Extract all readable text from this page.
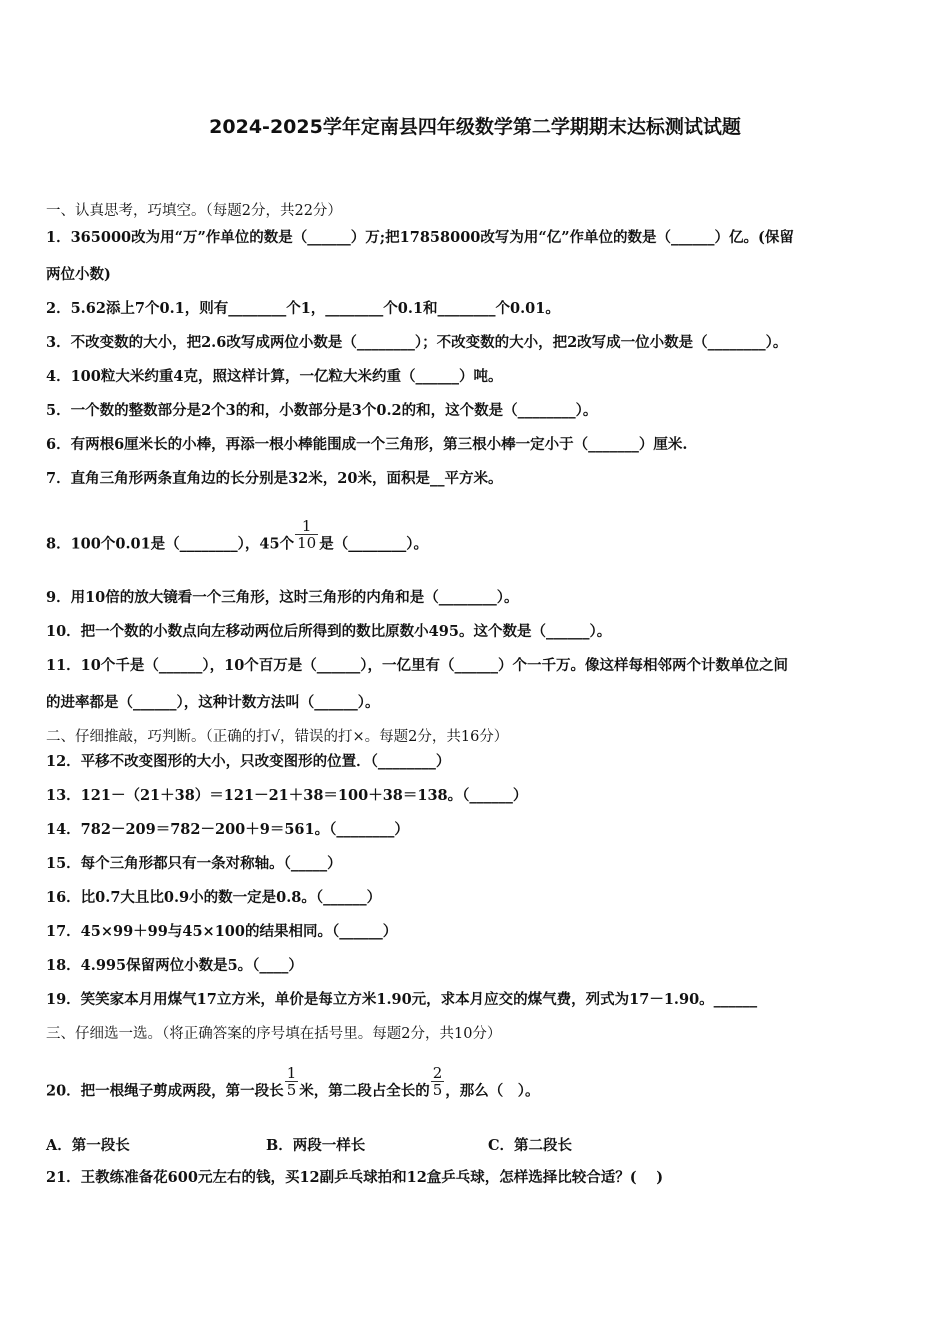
2024-2025学年定南县四年级数学第二学期期末达标测试试题
一、认真思考，巧填空。（每题2分，共22分）
1．365000改为用“万”作单位的数是（______）万;把17858000改写为用“亿”作单位的数是（______）亿。(保留
两位小数)
2．5.62添上7个0.1，则有________个1，________个0.1和________个0.01。
3．不改变数的大小，把2.6改写成两位小数是（________）；不改变数的大小，把2改写成一位小数是（________）。
4．100粒大米约重4克，照这样计算，一亿粒大米约重（______）吨。
5．一个数的整数部分是2个3的和，小数部分是3个0.2的和，这个数是（________）。
6．有两根6厘米长的小棒，再添一根小棒能围成一个三角形，第三根小棒一定小于（_______）厘米.
7．直角三角形两条直角边的长分别是32米，20米，面积是__平方米。
8．100个0.01是（________），45个 $\frac{1}{10}$ 是（________）。
9．用10倍的放大镜看一个三角形，这时三角形的内角和是（________）。
10．把一个数的小数点向左移动两位后所得到的数比原数小495。这个数是（______）。
11．10个千是（______），10个百万是（______），一亿里有（______）个一千万。像这样每相邻两个计数单位之间
的进率都是（______），这种计数方法叫（______）。
二、仔细推敲，巧判断。（正确的打√，错误的打×。每题2分，共16分）
12．平移不改变图形的大小，只改变图形的位置．（________）
13．121－（21＋38）＝121－21＋38＝100＋38＝138。（______）
14．782－209＝782－200＋9＝561。（________）
15．每个三角形都只有一条对称轴。（_____）
16．比0.7大且比0.9小的数一定是0.8。（______）
17．45×99＋99与45×100的结果相同。（______）
18．4.995保留两位小数是5。（____）
19．笑笑家本月用煤气17立方米，单价是每立方米1.90元，求本月应交的煤气费，列式为17－1.90。______
三、仔细选一选。（将正确答案的序号填在括号里。每题2分，共10分）
20．把一根绳子剪成两段，第一段长 $\frac{1}{5}$ 米，第二段占全长的 $\frac{2}{5}$ ，那么（　）。
A．第一段长	B．两段一样长	C．第二段长
21．王教练准备花600元左右的钱，买12副乒乓球拍和12盒乒乓球，怎样选择比较合适？(　 )
